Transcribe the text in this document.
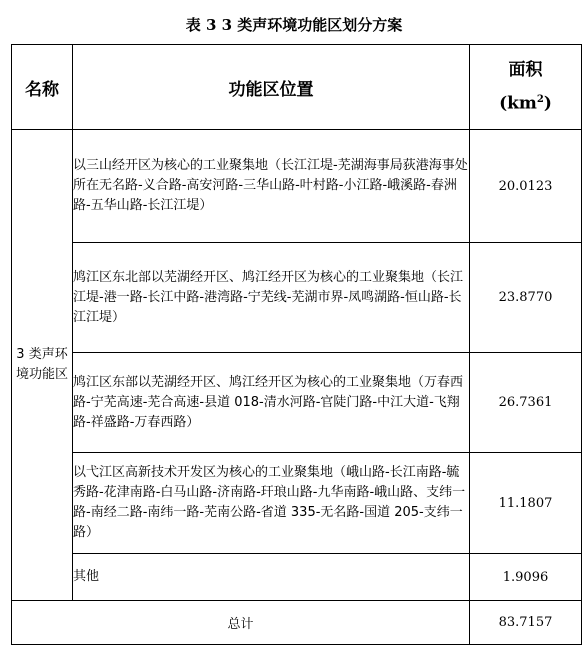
表 3 3 类声环境功能区划分方案
名称	功能区位置	面积
$(km^2)$
3 类声环境功能区	以三山经开区为核心的工业聚集地（长江江堤-芜湖海事局荻港海事处所在无名路-义合路-高安河路-三华山路-叶村路-小江路-峨溪路-春洲路-五华山路-长江江堤）	20.0123
	鸠江区东北部以芜湖经开区、鸠江经开区为核心的工业聚集地（长江江堤-港一路-长江中路-港湾路-宁芜线-芜湖市界-凤鸣湖路-恒山路-长江江堤）	23.8770
	鸠江区东部以芜湖经开区、鸠江经开区为核心的工业聚集地（万春西路-宁芜高速-芜合高速-县道 018-清水河路-官陡门路-中江大道-飞翔路-祥盛路-万春西路）	26.7361
	以弋江区高新技术开发区为核心的工业聚集地（峨山路-长江南路-毓秀路-花津南路-白马山路-济南路-玕琅山路-九华南路-峨山路、支纬一路-南经二路-南纬一路-芜南公路-省道 335-无名路-国道 205-支纬一路）	11.1807
	其他	1.9096
总计		83.7157
